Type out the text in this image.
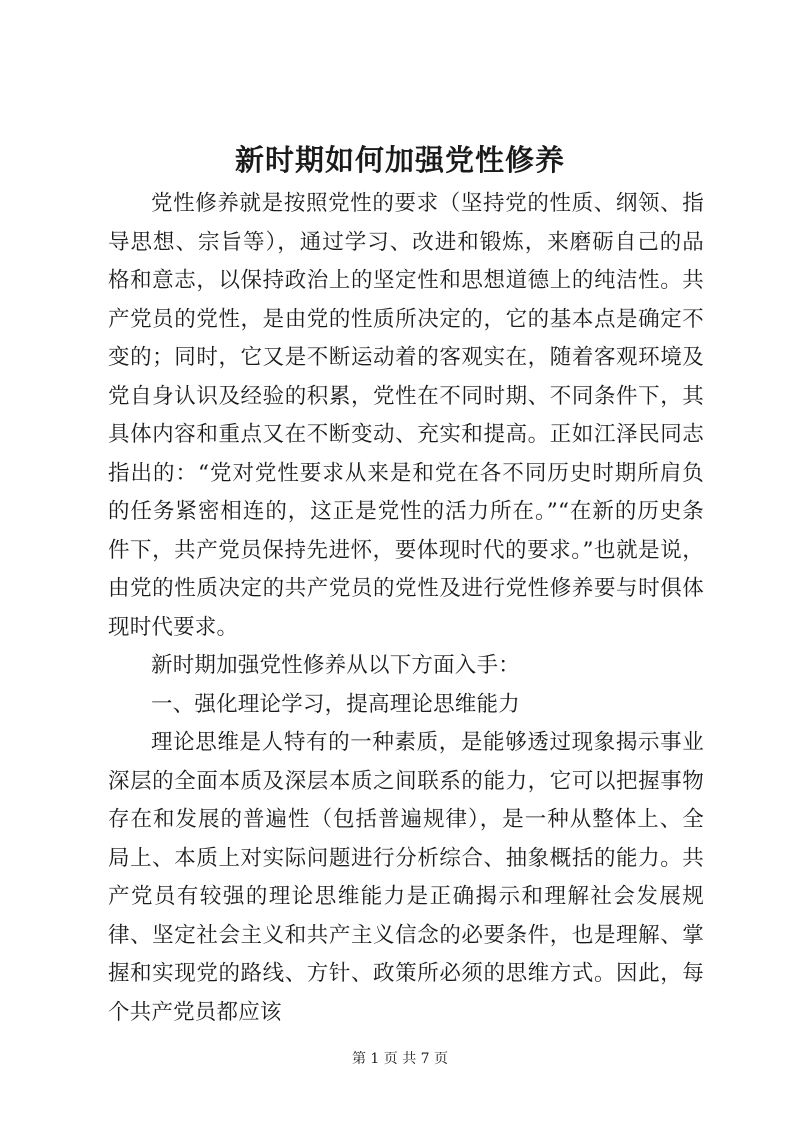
新时期如何加强党性修养

党性修养就是按照党性的要求（坚持党的性质、纲领、指导思想、宗旨等），通过学习、改进和锻炼，来磨砺自己的品格和意志，以保持政治上的坚定性和思想道德上的纯洁性。共产党员的党性，是由党的性质所决定的，它的基本点是确定不变的；同时，它又是不断运动着的客观实在，随着客观环境及党自身认识及经验的积累，党性在不同时期、不同条件下，其具体内容和重点又在不断变动、充实和提高。正如江泽民同志指出的：“党对党性要求从来是和党在各不同历史时期所肩负的任务紧密相连的，这正是党性的活力所在。”“在新的历史条件下，共产党员保持先进怀，要体现时代的要求。”也就是说，由党的性质决定的共产党员的党性及进行党性修养要与时俱体现时代要求。

新时期加强党性修养从以下方面入手：

一、强化理论学习，提高理论思维能力

理论思维是人特有的一种素质，是能够透过现象揭示事业深层的全面本质及深层本质之间联系的能力，它可以把握事物存在和发展的普遍性（包括普遍规律），是一种从整体上、全局上、本质上对实际问题进行分析综合、抽象概括的能力。共产党员有较强的理论思维能力是正确揭示和理解社会发展规律、坚定社会主义和共产主义信念的必要条件，也是理解、掌握和实现党的路线、方针、政策所必须的思维方式。因此，每个共产党员都应该

第 1 页 共 7 页
